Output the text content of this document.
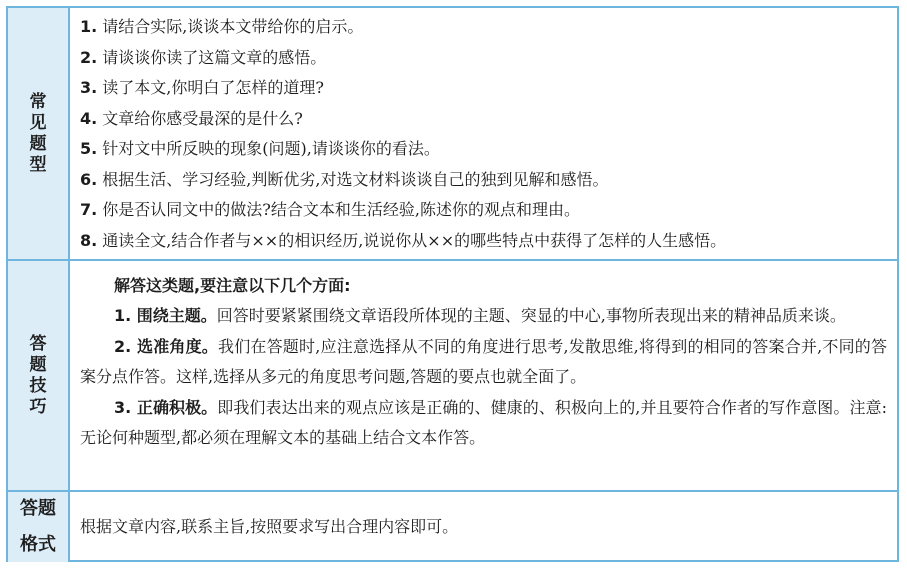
常见题型
1. 请结合实际,谈谈本文带给你的启示。
2. 请谈谈你读了这篇文章的感悟。
3. 读了本文,你明白了怎样的道理?
4. 文章给你感受最深的是什么?
5. 针对文中所反映的现象(问题),请谈谈你的看法。
6. 根据生活、学习经验,判断优劣,对选文材料谈谈自己的独到见解和感悟。
7. 你是否认同文中的做法?结合文本和生活经验,陈述你的观点和理由。
8. 通读全文,结合作者与××的相识经历,说说你从××的哪些特点中获得了怎样的人生感悟。
答题技巧

解答这类题,要注意以下几个方面:

1. 围绕主题。回答时要紧紧围绕文章语段所体现的主题、突显的中心,事物所表现出来的精神品质来谈。

2. 选准角度。我们在答题时,应注意选择从不同的角度进行思考,发散思维,将得到的相同的答案合并,不同的答案分点作答。这样,选择从多元的角度思考问题,答题的要点也就全面了。

3. 正确积极。即我们表达出来的观点应该是正确的、健康的、积极向上的,并且要符合作者的写作意图。注意:无论何种题型,都必须在理解文本的基础上结合文本作答。

答题格式
根据文章内容,联系主旨,按照要求写出合理内容即可。
